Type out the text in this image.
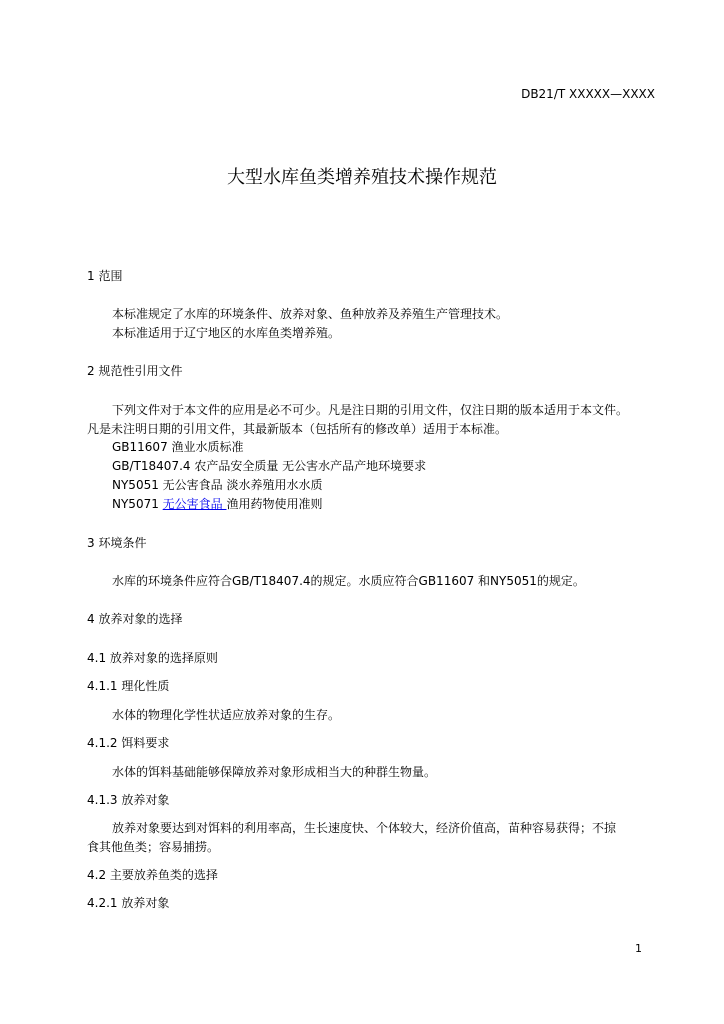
DB21/T XXXXX—XXXX
大型水库鱼类增养殖技术操作规范
1 范围
本标准规定了水库的环境条件、放养对象、鱼种放养及养殖生产管理技术。
本标准适用于辽宁地区的水库鱼类增养殖。
2 规范性引用文件
下列文件对于本文件的应用是必不可少。凡是注日期的引用文件，仅注日期的版本适用于本文件。
凡是未注明日期的引用文件，其最新版本（包括所有的修改单）适用于本标准。
GB11607 渔业水质标准
GB/T18407.4 农产品安全质量 无公害水产品产地环境要求
NY5051 无公害食品 淡水养殖用水水质
NY5071 无公害食品 渔用药物使用准则
3 环境条件
水库的环境条件应符合GB/T18407.4的规定。水质应符合GB11607 和NY5051的规定。
4 放养对象的选择
4.1 放养对象的选择原则
4.1.1 理化性质
水体的物理化学性状适应放养对象的生存。
4.1.2 饵料要求
水体的饵料基础能够保障放养对象形成相当大的种群生物量。
4.1.3 放养对象
放养对象要达到对饵料的利用率高，生长速度快、个体较大，经济价值高，苗种容易获得；不掠
食其他鱼类；容易捕捞。
4.2 主要放养鱼类的选择
4.2.1 放养对象
1
